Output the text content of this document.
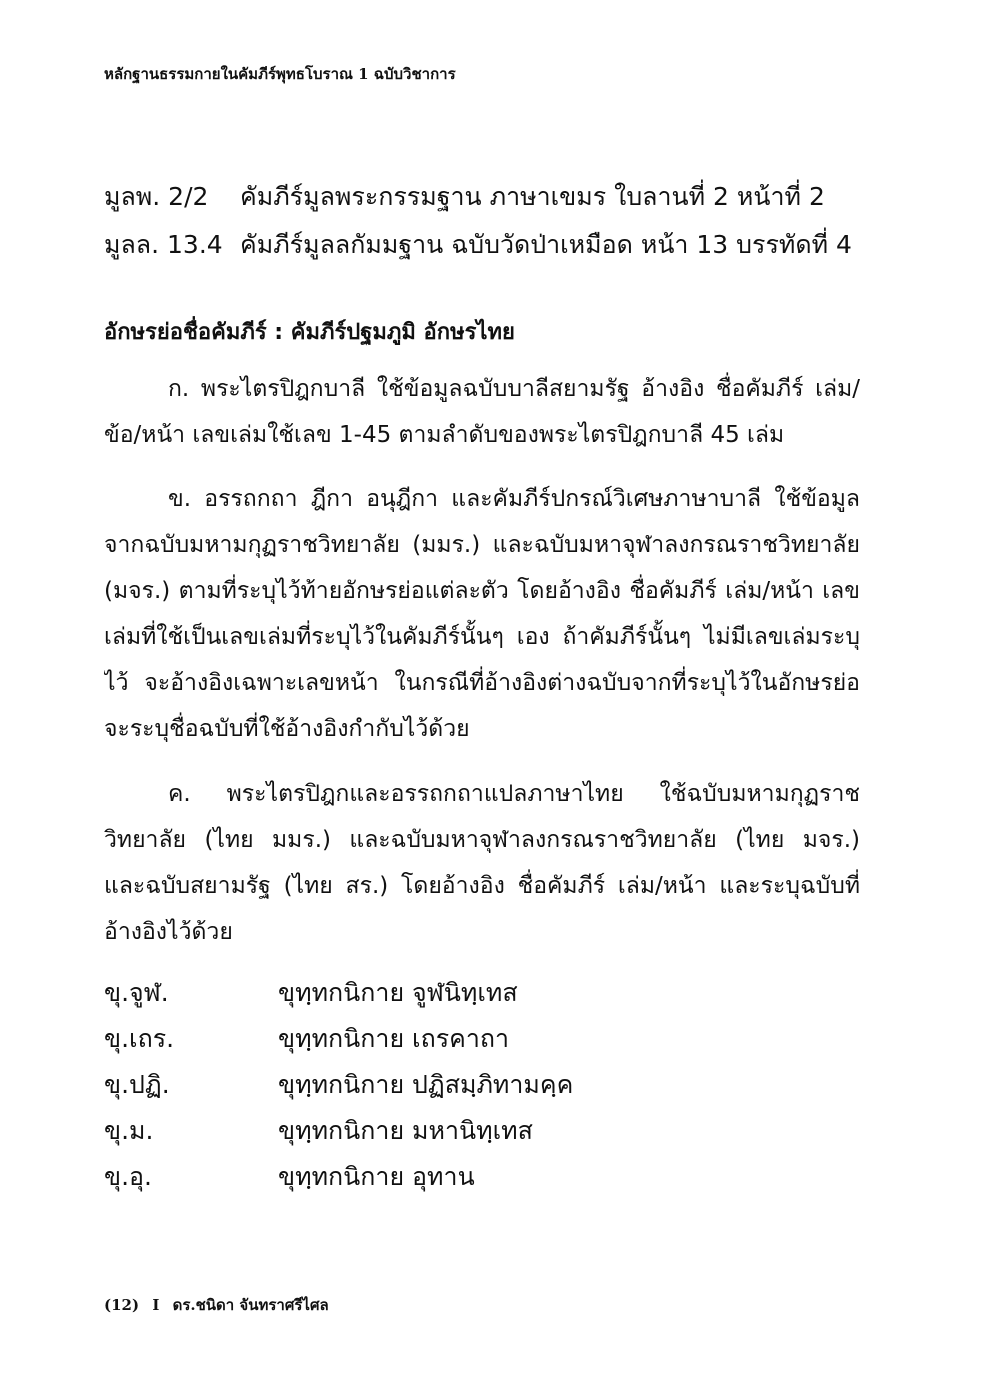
หลักฐานธรรมกายในคัมภีร์พุทธโบราณ 1 ฉบับวิชาการ
มูลพ. 2/2 คัมภีร์มูลพระกรรมฐาน ภาษาเขมร ใบลานที่ 2 หน้าที่ 2
มูลล. 13.4 คัมภีร์มูลลกัมมฐาน ฉบับวัดป่าเหมือด หน้า 13 บรรทัดที่ 4
อักษรย่อชื่อคัมภีร์ : คัมภีร์ปฐมภูมิ อักษรไทย
ก. พระไตรปิฎกบาลี ใช้ข้อมูลฉบับบาลีสยามรัฐ อ้างอิง ชื่อคัมภีร์ เล่ม/
ข้อ/หน้า เลขเล่มใช้เลข 1-45 ตามลำดับของพระไตรปิฎกบาลี 45 เล่ม
ข. อรรถกถา ฎีกา อนุฎีกา และคัมภีร์ปกรณ์วิเศษภาษาบาลี ใช้ข้อมูล
จากฉบับมหามกุฏราชวิทยาลัย (มมร.) และฉบับมหาจุฬาลงกรณราชวิทยาลัย
(มจร.) ตามที่ระบุไว้ท้ายอักษรย่อแต่ละตัว โดยอ้างอิง ชื่อคัมภีร์ เล่ม/หน้า เลข
เล่มที่ใช้เป็นเลขเล่มที่ระบุไว้ในคัมภีร์นั้นๆ เอง ถ้าคัมภีร์นั้นๆ ไม่มีเลขเล่มระบุ
ไว้ จะอ้างอิงเฉพาะเลขหน้า ในกรณีที่อ้างอิงต่างฉบับจากที่ระบุไว้ในอักษรย่อ
จะระบุชื่อฉบับที่ใช้อ้างอิงกำกับไว้ด้วย
ค. พระไตรปิฎกและอรรถกถาแปลภาษาไทย ใช้ฉบับมหามกุฏราช
วิทยาลัย (ไทย มมร.) และฉบับมหาจุฬาลงกรณราชวิทยาลัย (ไทย มจร.)
และฉบับสยามรัฐ (ไทย สร.) โดยอ้างอิง ชื่อคัมภีร์ เล่ม/หน้า และระบุฉบับที่
อ้างอิงไว้ด้วย
ขุ.จูฬ.	ขุทฺทกนิกาย จูฬนิทฺเทส
ขุ.เถร.	ขุทฺทกนิกาย เถรคาถา
ขุ.ปฏิ.	ขุทฺทกนิกาย ปฏิสมฺภิทามคฺค
ขุ.ม.	ขุทฺทกนิกาย มหานิทฺเทส
ขุ.อุ.	ขุทฺทกนิกาย อุทาน
(12) I ดร.ชนิดา จันทราศรีไศล
